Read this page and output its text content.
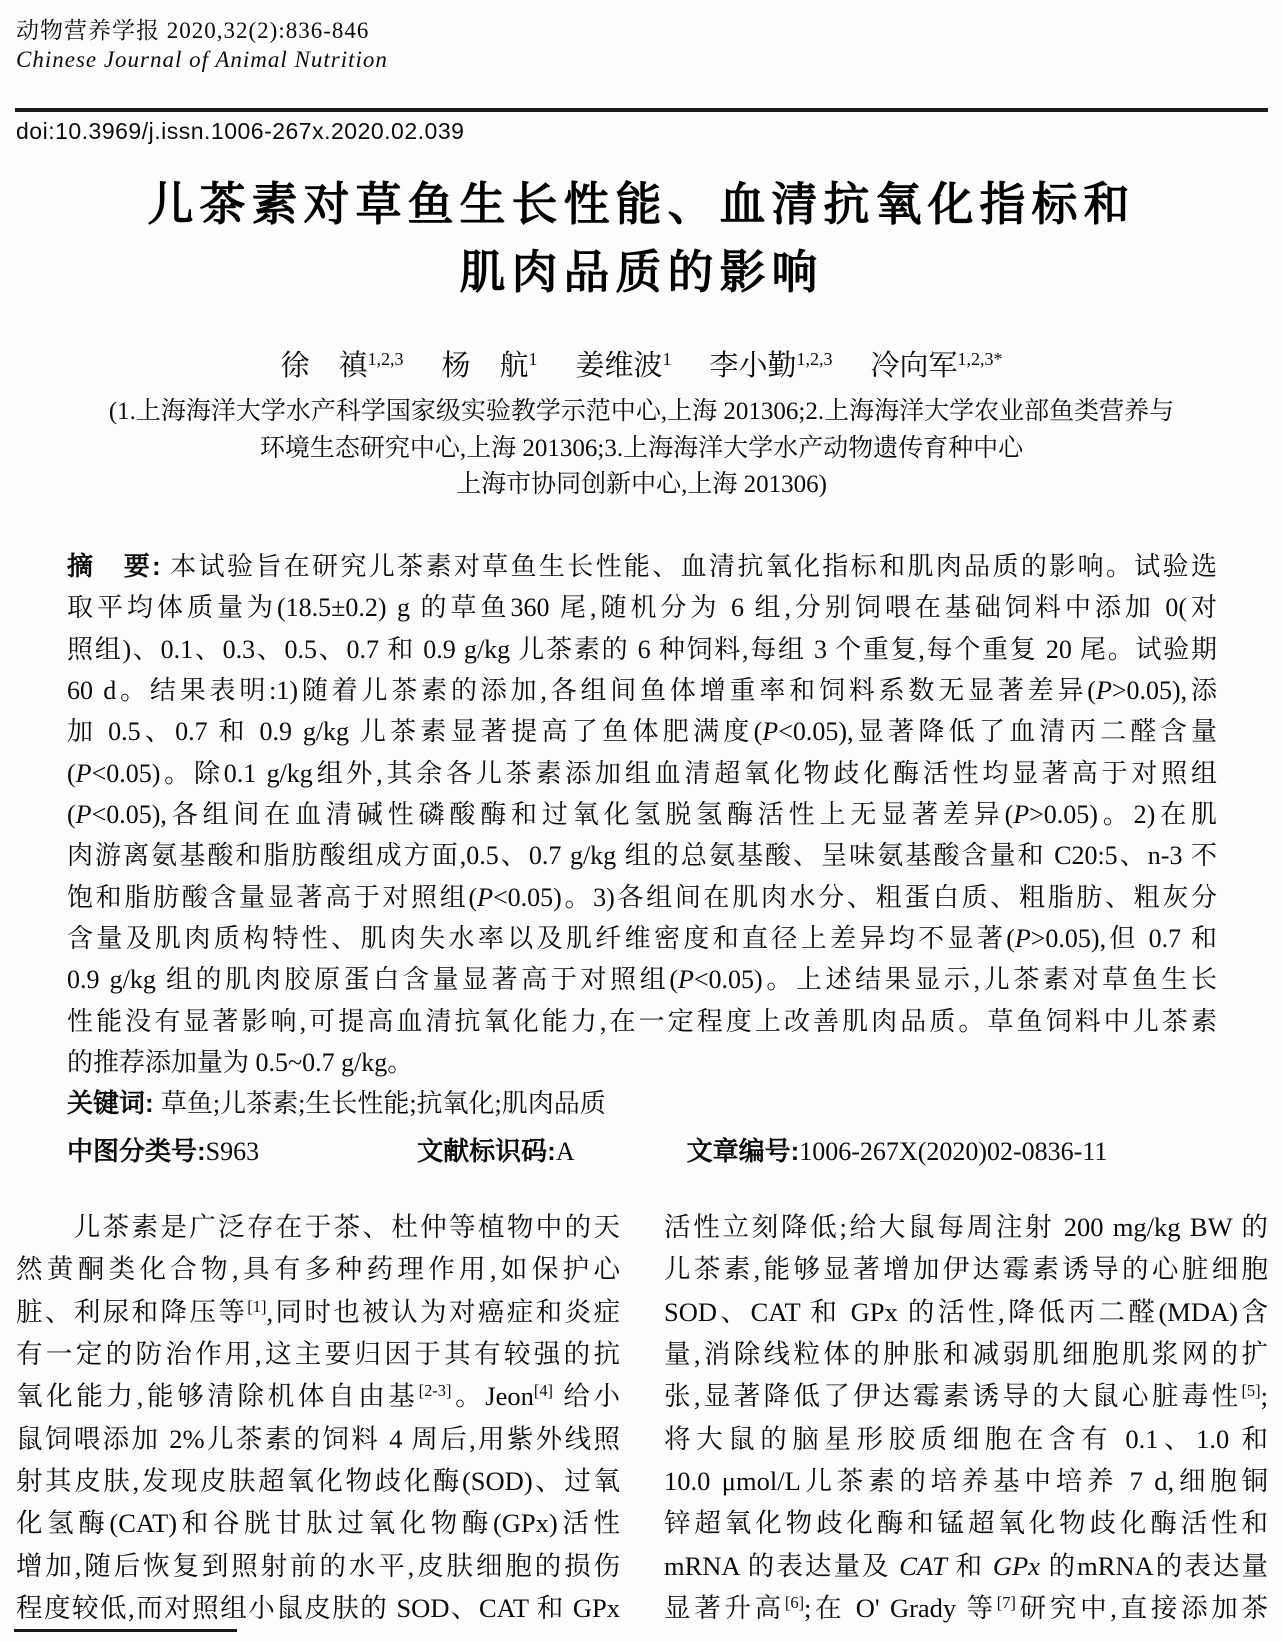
动物营养学报 2020,32(2):836-846
Chinese Journal of Animal Nutrition
doi:10.3969/j.issn.1006-267x.2020.02.039
儿茶素对草鱼生长性能、血清抗氧化指标和
肌肉品质的影响
徐　禛$^{1,2,3}$ 杨　航$^1$ 姜维波$^1$ 李小勤$^{1,2,3}$ 冷向军$^{1,2,3*}$
(1.上海海洋大学水产科学国家级实验教学示范中心,上海 201306;2.上海海洋大学农业部鱼类营养与
环境生态研究中心,上海 201306;3.上海海洋大学水产动物遗传育种中心
上海市协同创新中心,上海 201306)
摘　要: 本试验旨在研究儿茶素对草鱼生长性能、血清抗氧化指标和肌肉品质的影响。试验选
取平均体质量为(18.5±0.2) g 的草鱼360 尾,随机分为 6 组,分别饲喂在基础饲料中添加 0(对
照组)、0.1、0.3、0.5、0.7 和 0.9 g/kg 儿茶素的 6 种饲料,每组 3 个重复,每个重复 20 尾。试验期
60 d。结果表明:1)随着儿茶素的添加,各组间鱼体增重率和饲料系数无显著差异(P>0.05),添
加 0.5、0.7 和 0.9 g/kg 儿茶素显著提高了鱼体肥满度(P<0.05),显著降低了血清丙二醛含量
(P<0.05)。除0.1 g/kg组外,其余各儿茶素添加组血清超氧化物歧化酶活性均显著高于对照组
(P<0.05),各组间在血清碱性磷酸酶和过氧化氢脱氢酶活性上无显著差异(P>0.05)。2)在肌
肉游离氨基酸和脂肪酸组成方面,0.5、0.7 g/kg 组的总氨基酸、呈味氨基酸含量和 C20:5、n-3 不
饱和脂肪酸含量显著高于对照组(P<0.05)。3)各组间在肌肉水分、粗蛋白质、粗脂肪、粗灰分
含量及肌肉质构特性、肌肉失水率以及肌纤维密度和直径上差异均不显著(P>0.05),但 0.7 和
0.9 g/kg 组的肌肉胶原蛋白含量显著高于对照组(P<0.05)。上述结果显示,儿茶素对草鱼生长
性能没有显著影响,可提高血清抗氧化能力,在一定程度上改善肌肉品质。草鱼饲料中儿茶素
的推荐添加量为 0.5~0.7 g/kg。
关键词: 草鱼;儿茶素;生长性能;抗氧化;肌肉品质
中图分类号:S963	文献标识码:A	文章编号:1006-267X(2020)02-0836-11
　　儿茶素是广泛存在于茶、杜仲等植物中的天
然黄酮类化合物,具有多种药理作用,如保护心
脏、利尿和降压等[1],同时也被认为对癌症和炎症
有一定的防治作用,这主要归因于其有较强的抗
氧化能力,能够清除机体自由基[2-3]。Jeon[4] 给小
鼠饲喂添加 2%儿茶素的饲料 4 周后,用紫外线照
射其皮肤,发现皮肤超氧化物歧化酶(SOD)、过氧
化氢酶(CAT)和谷胱甘肽过氧化物酶(GPx)活性
增加,随后恢复到照射前的水平,皮肤细胞的损伤
程度较低,而对照组小鼠皮肤的 SOD、CAT 和 GPx
活性立刻降低;给大鼠每周注射 200 mg/kg BW 的
儿茶素,能够显著增加伊达霉素诱导的心脏细胞
SOD、CAT 和 GPx 的活性,降低丙二醛(MDA)含
量,消除线粒体的肿胀和减弱肌细胞肌浆网的扩
张,显著降低了伊达霉素诱导的大鼠心脏毒性[5];
将大鼠的脑星形胶质细胞在含有 0.1、1.0 和
10.0 μmol/L儿茶素的培养基中培养 7 d,细胞铜
锌超氧化物歧化酶和锰超氧化物歧化酶活性和
mRNA 的表达量及 CAT 和 GPx 的mRNA的表达量
显著升高[6];在 O' Grady 等[7]研究中,直接添加茶
